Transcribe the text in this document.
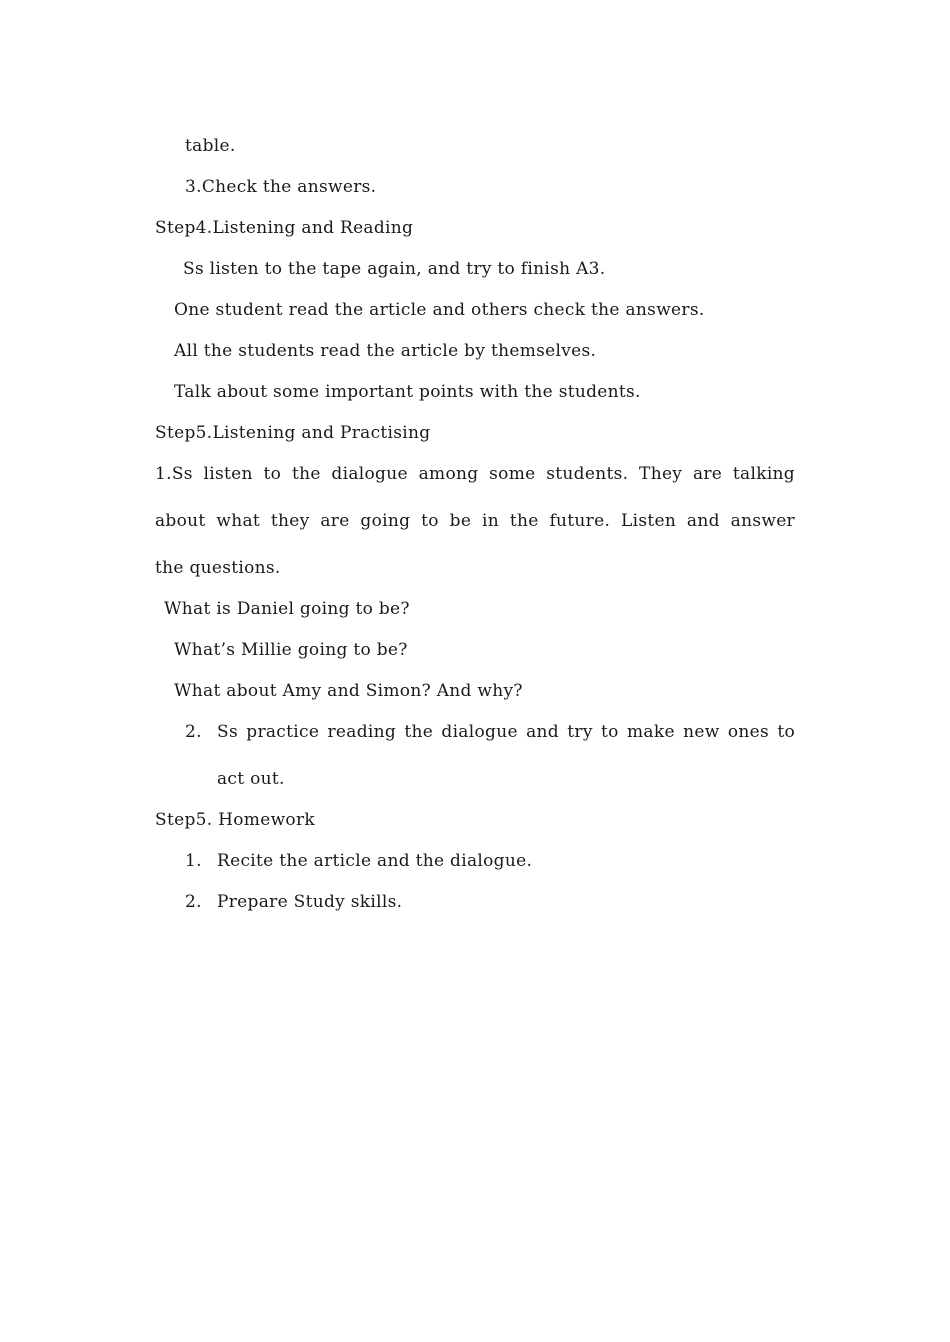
table.
3.Check the answers.
Step4.Listening and Reading
Ss listen to the tape again, and try to finish A3.
One student read the article and others check the answers.
All the students read the article by themselves.
Talk about some important points with the students.
Step5.Listening and Practising
1.Ss listen to the dialogue among some students. They are talking
about what they are going to be in the future. Listen and answer
the questions.
What is Daniel going to be?
What’s Millie going to be?
What about Amy and Simon? And why?
2. Ss practice reading the dialogue and try to make new ones to
act out.
Step5. Homework
1. Recite the article and the dialogue.
2. Prepare Study skills.
